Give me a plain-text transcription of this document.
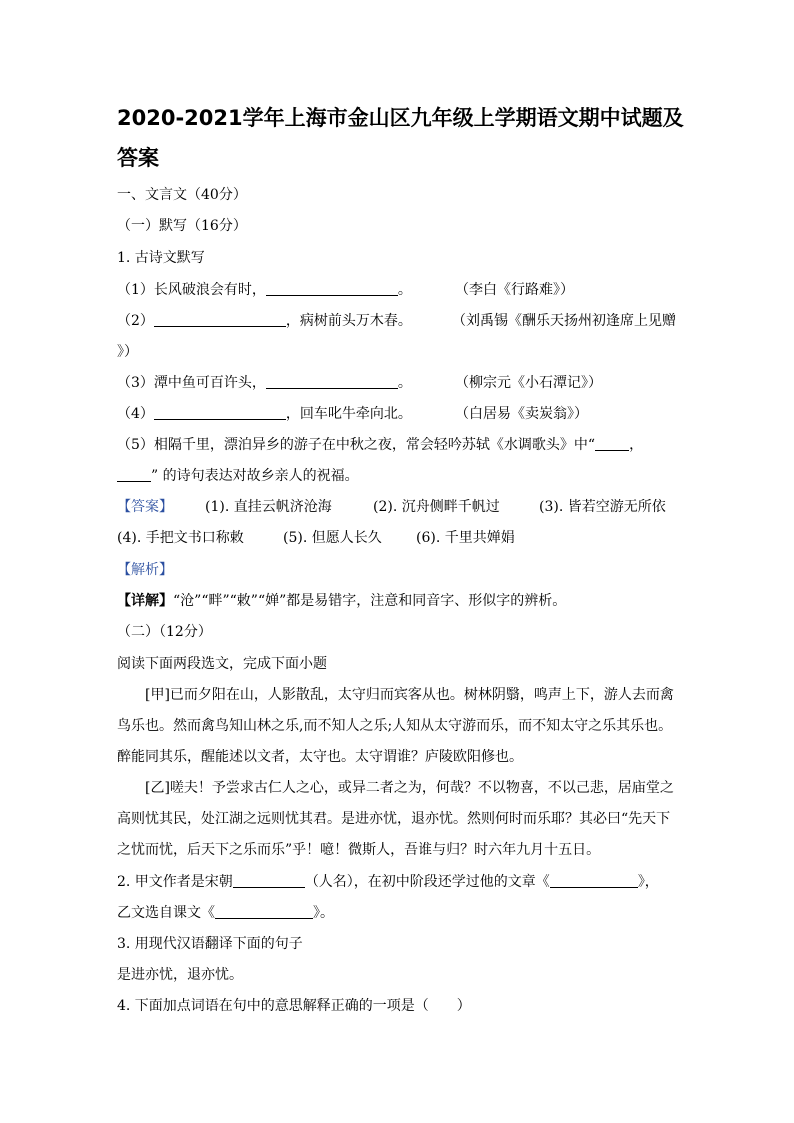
2020-2021学年上海市金山区九年级上学期语文期中试题及答案
一、文言文（40分）
（一）默写（16分）
1. 古诗文默写
（1）长风破浪会有时，	。	（李白《行路难》）
（2）	，病树前头万木春。	（刘禹锡《酬乐天扬州初逢席上见赠
》）
（3）潭中鱼可百许头，	。	（柳宗元《小石潭记》）
（4）	，回车叱牛牵向北。	（白居易《卖炭翁》）
（5）相隔千里，漂泊异乡的游子在中秋之夜，常会轻吟苏轼《水调歌头》中“ ，
” 的诗句表达对故乡亲人的祝福。
【答案】 (1). 直挂云帆济沧海	(2). 沉舟侧畔千帆过	(3). 皆若空游无所依
(4). 手把文书口称敕	(5). 但愿人长久 (6). 千里共婵娟
【解析】
【详解】“沧”“畔”“敕”“婵”都是易错字，注意和同音字、形似字的辨析。
（二）（12分）
阅读下面两段选文，完成下面小题
[甲]已而夕阳在山，人影散乱，太守归而宾客从也。树林阴翳，鸣声上下，游人去而禽
鸟乐也。然而禽鸟知山林之乐,而不知人之乐;人知从太守游而乐，而不知太守之乐其乐也。
醉能同其乐，醒能述以文者，太守也。太守谓谁？庐陵欧阳修也。
[乙]嗟夫！予尝求古仁人之心，或异二者之为，何哉？不以物喜，不以己悲，居庙堂之
高则忧其民，处江湖之远则忧其君。是进亦忧，退亦忧。然则何时而乐耶？其必曰“先天下
之忧而忧，后天下之乐而乐”乎！噫！微斯人，吾谁与归？时六年九月十五日。
2. 甲文作者是宋朝	（人名），在初中阶段还学过他的文章《	》，
乙文选自课文《	》。
3. 用现代汉语翻译下面的句子
是进亦忧，退亦忧。
4. 下面加点词语在句中的意思解释正确的一项是（　　）
